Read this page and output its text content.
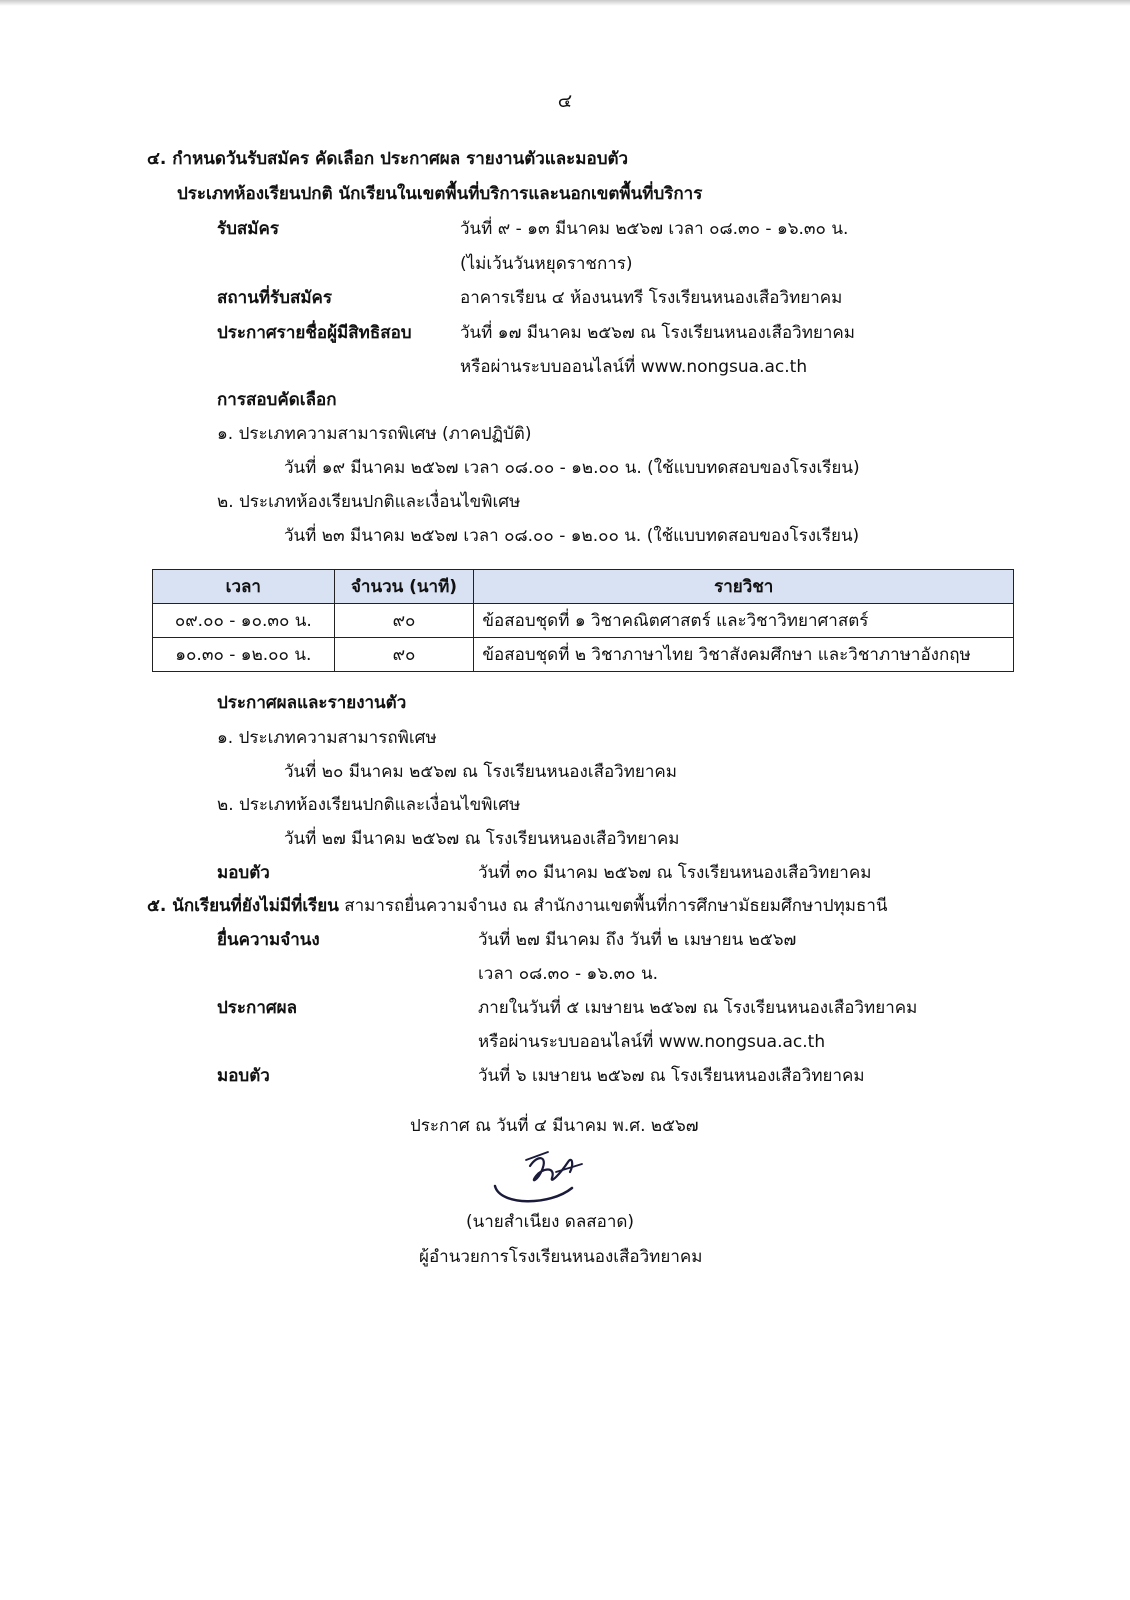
๔
๔. กำหนดวันรับสมัคร คัดเลือก ประกาศผล รายงานตัวและมอบตัว
ประเภทห้องเรียนปกติ นักเรียนในเขตพื้นที่บริการและนอกเขตพื้นที่บริการ
รับสมัคร	วันที่ ๙ - ๑๓ มีนาคม ๒๕๖๗ เวลา ๐๘.๓๐ - ๑๖.๓๐ น.
(ไม่เว้นวันหยุดราชการ)
สถานที่รับสมัคร	อาคารเรียน ๔ ห้องนนทรี โรงเรียนหนองเสือวิทยาคม
ประกาศรายชื่อผู้มีสิทธิสอบ	วันที่ ๑๗ มีนาคม ๒๕๖๗ ณ โรงเรียนหนองเสือวิทยาคม
หรือผ่านระบบออนไลน์ที่ www.nongsua.ac.th
การสอบคัดเลือก
๑. ประเภทความสามารถพิเศษ (ภาคปฏิบัติ)
วันที่ ๑๙ มีนาคม ๒๕๖๗ เวลา ๐๘.๐๐ - ๑๒.๐๐ น. (ใช้แบบทดสอบของโรงเรียน)
๒. ประเภทห้องเรียนปกติและเงื่อนไขพิเศษ
วันที่ ๒๓ มีนาคม ๒๕๖๗ เวลา ๐๘.๐๐ - ๑๒.๐๐ น. (ใช้แบบทดสอบของโรงเรียน)
เวลา	จำนวน (นาที)	รายวิชา
๐๙.๐๐ - ๑๐.๓๐ น.	๙๐	ข้อสอบชุดที่ ๑ วิชาคณิตศาสตร์ และวิชาวิทยาศาสตร์
๑๐.๓๐ - ๑๒.๐๐ น.	๙๐	ข้อสอบชุดที่ ๒ วิชาภาษาไทย วิชาสังคมศึกษา และวิชาภาษาอังกฤษ
ประกาศผลและรายงานตัว
๑. ประเภทความสามารถพิเศษ
วันที่ ๒๐ มีนาคม ๒๕๖๗ ณ โรงเรียนหนองเสือวิทยาคม
๒. ประเภทห้องเรียนปกติและเงื่อนไขพิเศษ
วันที่ ๒๗ มีนาคม ๒๕๖๗ ณ โรงเรียนหนองเสือวิทยาคม
มอบตัว	วันที่ ๓๐ มีนาคม ๒๕๖๗ ณ โรงเรียนหนองเสือวิทยาคม
๕. นักเรียนที่ยังไม่มีที่เรียน สามารถยื่นความจำนง ณ สำนักงานเขตพื้นที่การศึกษามัธยมศึกษาปทุมธานี
ยื่นความจำนง	วันที่ ๒๗ มีนาคม ถึง วันที่ ๒ เมษายน ๒๕๖๗
เวลา ๐๘.๓๐ - ๑๖.๓๐ น.
ประกาศผล	ภายในวันที่ ๕ เมษายน ๒๕๖๗ ณ โรงเรียนหนองเสือวิทยาคม
หรือผ่านระบบออนไลน์ที่ www.nongsua.ac.th
มอบตัว	วันที่ ๖ เมษายน ๒๕๖๗ ณ โรงเรียนหนองเสือวิทยาคม
ประกาศ ณ วันที่ ๔ มีนาคม พ.ศ. ๒๕๖๗
(นายสำเนียง ดลสอาด)
ผู้อำนวยการโรงเรียนหนองเสือวิทยาคม
